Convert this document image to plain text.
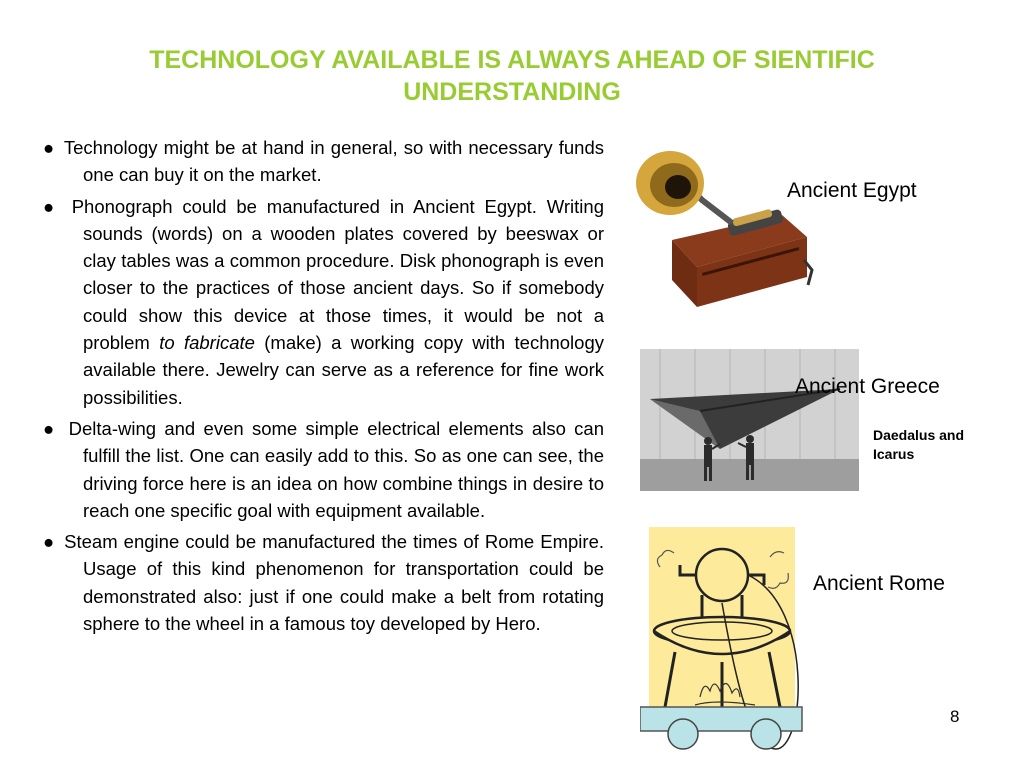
TECHNOLOGY AVAILABLE IS ALWAYS AHEAD OF SIENTIFIC
UNDERSTANDING
● Technology might be at hand in general, so with necessary funds one can buy it on the market.
● Phonograph could be manufactured in Ancient Egypt. Writing sounds (words) on a wooden plates covered by beeswax or clay tables was a common procedure. Disk phonograph is even closer to the practices of those ancient days. So if somebody could show this device at those times, it would be not a problem to fabricate (make) a working copy with technology available there. Jewelry can serve as a reference for fine work possibilities.
● Delta-wing and even some simple electrical elements also can fulfill the list. One can easily add to this. So as one can see, the driving force here is an idea on how combine things in desire to reach one specific goal with equipment available.
● Steam engine could be manufactured the times of Rome Empire. Usage of this kind phenomenon for transportation could be demonstrated also: just if one could make a belt from rotating sphere to the wheel in a famous toy developed by Hero.
Ancient Egypt
Ancient Greece
Daedalus and
Icarus
Ancient Rome
8
